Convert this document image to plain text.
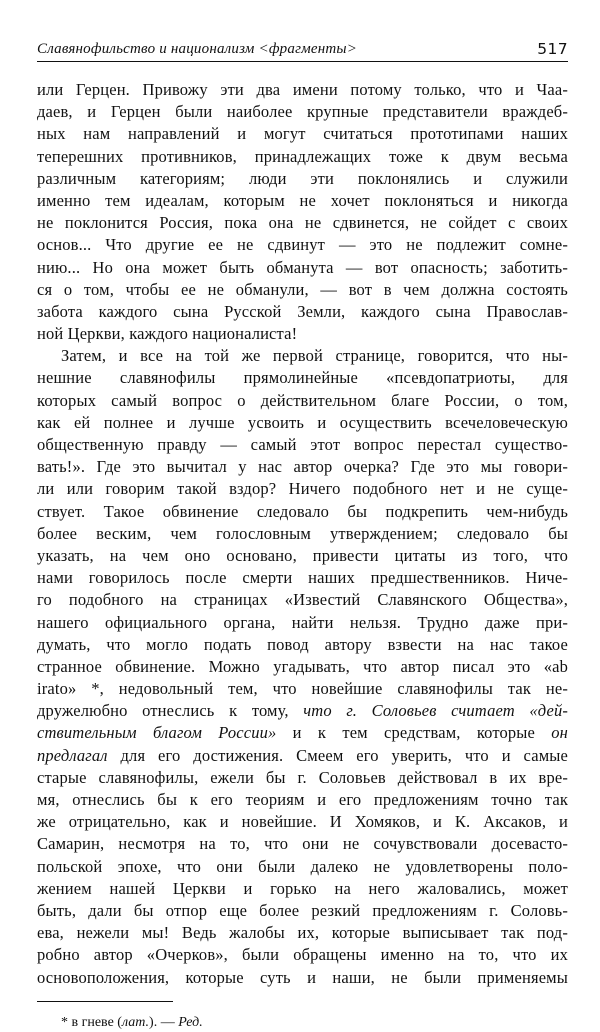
Славянофильство и национализм <фрагменты>	517
или Герцен. Привожу эти два имени потому только, что и Чаа-
даев, и Герцен были наиболее крупные представители враждеб-
ных нам направлений и могут считаться прототипами наших
теперешних противников, принадлежащих тоже к двум весьма
различным категориям; люди эти поклонялись и служили
именно тем идеалам, которым не хочет поклоняться и никогда
не поклонится Россия, пока она не сдвинется, не сойдет с своих
основ... Что другие ее не сдвинут — это не подлежит сомне-
нию... Но она может быть обманута — вот опасность; заботить-
ся о том, чтобы ее не обманули, — вот в чем должна состоять
забота каждого сына Русской Земли, каждого сына Православ-
ной Церкви, каждого националиста!
Затем, и все на той же первой странице, говорится, что ны-
нешние славянофилы прямолинейные «псевдопатриоты, для
которых самый вопрос о действительном благе России, о том,
как ей полнее и лучше усвоить и осуществить всечеловеческую
общественную правду — самый этот вопрос перестал существо-
вать!». Где это вычитал у нас автор очерка? Где это мы говори-
ли или говорим такой вздор? Ничего подобного нет и не суще-
ствует. Такое обвинение следовало бы подкрепить чем-нибудь
более веским, чем голословным утверждением; следовало бы
указать, на чем оно основано, привести цитаты из того, что
нами говорилось после смерти наших предшественников. Ниче-
го подобного на страницах «Известий Славянского Общества»,
нашего официального органа, найти нельзя. Трудно даже при-
думать, что могло подать повод автору взвести на нас такое
странное обвинение. Можно угадывать, что автор писал это «ab
irato» *, недовольный тем, что новейшие славянофилы так не-
дружелюбно отнеслись к тому, что г. Соловьев считает «дей-
ствительным благом России» и к тем средствам, которые он
предлагал для его достижения. Смеем его уверить, что и самые
старые славянофилы, ежели бы г. Соловьев действовал в их вре-
мя, отнеслись бы к его теориям и его предложениям точно так
же отрицательно, как и новейшие. И Хомяков, и К. Аксаков, и
Самарин, несмотря на то, что они не сочувствовали досевасто-
польской эпохе, что они были далеко не удовлетворены поло-
жением нашей Церкви и горько на него жаловались, может
быть, дали бы отпор еще более резкий предложениям г. Соловь-
ева, нежели мы! Ведь жалобы их, которые выписывает так под-
робно автор «Очерков», были обращены именно на то, что их
основоположения, которые суть и наши, не были применяемы
* в гневе (лат.). — Ред.
